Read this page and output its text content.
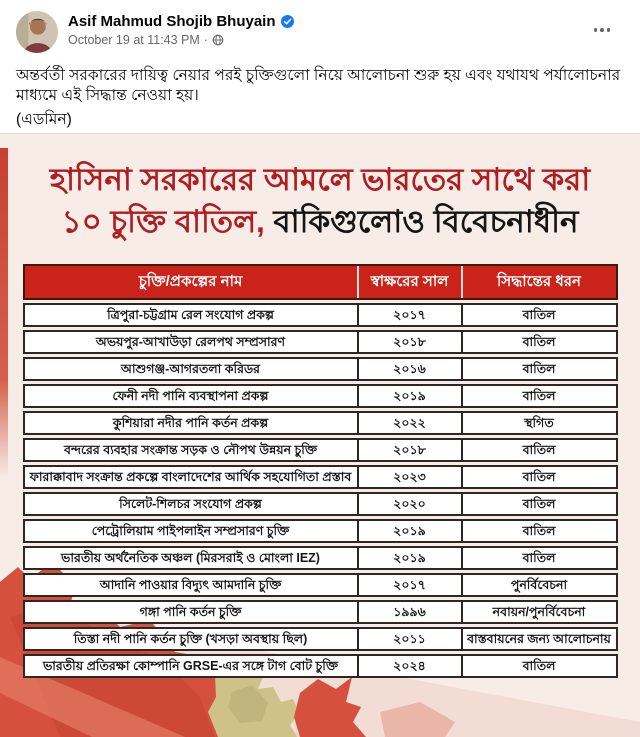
Asif Mahmud Shojib Bhuyain
October 19 at 11:43 PM ·
অন্তর্বর্তী সরকারের দায়িত্ব নেয়ার পরই চুক্তিগুলো নিয়ে আলোচনা শুরু হয় এবং যথাযথ পর্যালোচনার মাধ্যমে এই সিদ্ধান্ত নেওয়া হয়।
(এডমিন)
হাসিনা সরকারের আমলে ভারতের সাথে করা
১০ চুক্তি বাতিল, বাকিগুলোও বিবেচনাধীন
চুক্তি/প্রকল্পের নাম	স্বাক্ষরের সাল	সিদ্ধান্তের ধরন
ত্রিপুরা-চট্টগ্রাম রেল সংযোগ প্রকল্প	২০১৭	বাতিল
অভয়পুর-আখাউড়া রেলপথ সম্প্রসারণ	২০১৮	বাতিল
আশুগঞ্জ-আগরতলা করিডর	২০১৬	বাতিল
ফেনী নদী পানি ব্যবস্থাপনা প্রকল্প	২০১৯	বাতিল
কুশিয়ারা নদীর পানি কর্তন প্রকল্প	২০২২	স্থগিত
বন্দরের ব্যবহার সংক্রান্ত সড়ক ও নৌপথ উন্নয়ন চুক্তি	২০১৮	বাতিল
ফারাক্কাবাদ সংক্রান্ত প্রকল্পে বাংলাদেশের আর্থিক সহযোগিতা প্রস্তাব	২০২৩	বাতিল
সিলেট-শিলচর সংযোগ প্রকল্প	২০২০	বাতিল
পেট্রোলিয়াম পাইপলাইন সম্প্রসারণ চুক্তি	২০১৯	বাতিল
ভারতীয় অর্থনৈতিক অঞ্চল (মিরসরাই ও মোংলা IEZ)	২০১৯	বাতিল
আদানি পাওয়ার বিদ্যুৎ আমদানি চুক্তি	২০১৭	পুনর্বিবেচনা
গঙ্গা পানি কর্তন চুক্তি	১৯৯৬	নবায়ন/পুনর্বিবেচনা
তিস্তা নদী পানি কর্তন চুক্তি (খসড়া অবস্থায় ছিল)	২০১১	বাস্তবায়নের জন্য আলোচনায়
ভারতীয় প্রতিরক্ষা কোম্পানি GRSE-এর সঙ্গে টাগ বোট চুক্তি	২০২৪	বাতিল
